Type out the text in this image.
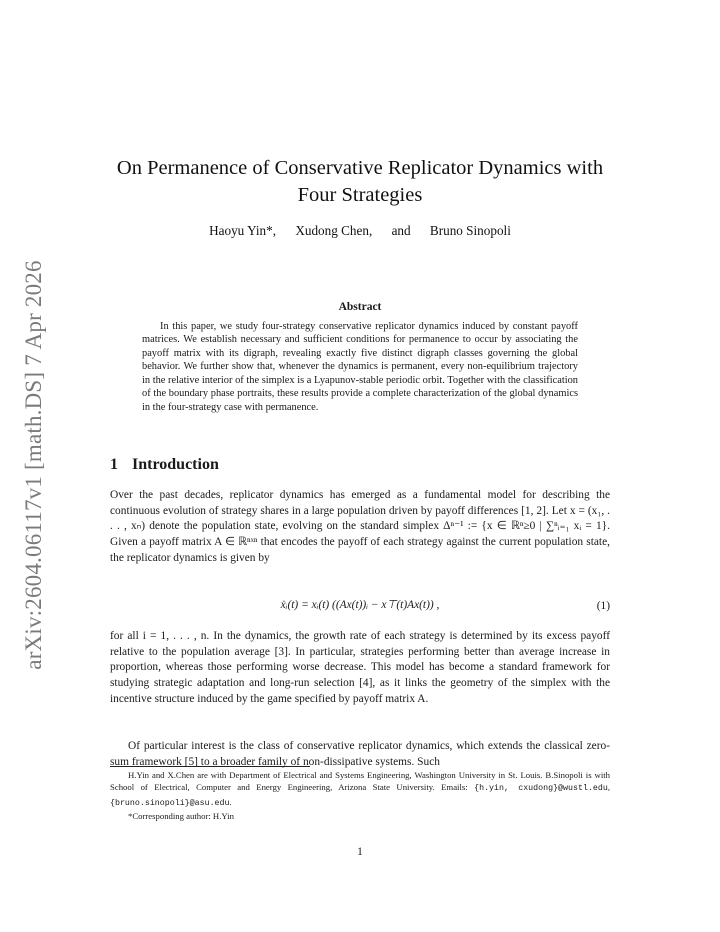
arXiv:2604.06117v1 [math.DS] 7 Apr 2026
On Permanence of Conservative Replicator Dynamics with
Four Strategies
Haoyu Yin*, Xudong Chen, and Bruno Sinopoli
Abstract
In this paper, we study four-strategy conservative replicator dynamics induced by constant payoff matrices. We establish necessary and sufficient conditions for permanence to occur by associating the payoff matrix with its digraph, revealing exactly five distinct digraph classes governing the global behavior. We further show that, whenever the dynamics is permanent, every non-equilibrium trajectory in the relative interior of the simplex is a Lyapunov-stable periodic orbit. Together with the classification of the boundary phase portraits, these results provide a complete characterization of the global dynamics in the four-strategy case with permanence.
1 Introduction
Over the past decades, replicator dynamics has emerged as a fundamental model for describing the continuous evolution of strategy shares in a large population driven by payoff differences [1, 2]. Let x = (x₁, . . . , xₙ) denote the population state, evolving on the standard simplex Δⁿ⁻¹ := {x ∈ ℝⁿ≥0 | ∑ⁿᵢ₌₁ xᵢ = 1}. Given a payoff matrix A ∈ ℝⁿˣⁿ that encodes the payoff of each strategy against the current population state, the replicator dynamics is given by
ẋᵢ(t) = xᵢ(t) ((Ax(t))ᵢ − x⊤(t)Ax(t)) ,	(1)
for all i = 1, . . . , n. In the dynamics, the growth rate of each strategy is determined by its excess payoff relative to the population average [3]. In particular, strategies performing better than average increase in proportion, whereas those performing worse decrease. This model has become a standard framework for studying strategic adaptation and long-run selection [4], as it links the geometry of the simplex with the incentive structure induced by the game specified by payoff matrix A.
Of particular interest is the class of conservative replicator dynamics, which extends the classical zero-sum framework [5] to a broader family of non-dissipative systems. Such

H.Yin and X.Chen are with Department of Electrical and Systems Engineering, Washington University in St. Louis. B.Sinopoli is with School of Electrical, Computer and Energy Engineering, Arizona State University. Emails: {h.yin, cxudong}@wustl.edu, {bruno.sinopoli}@asu.edu.

*Corresponding author: H.Yin

1
